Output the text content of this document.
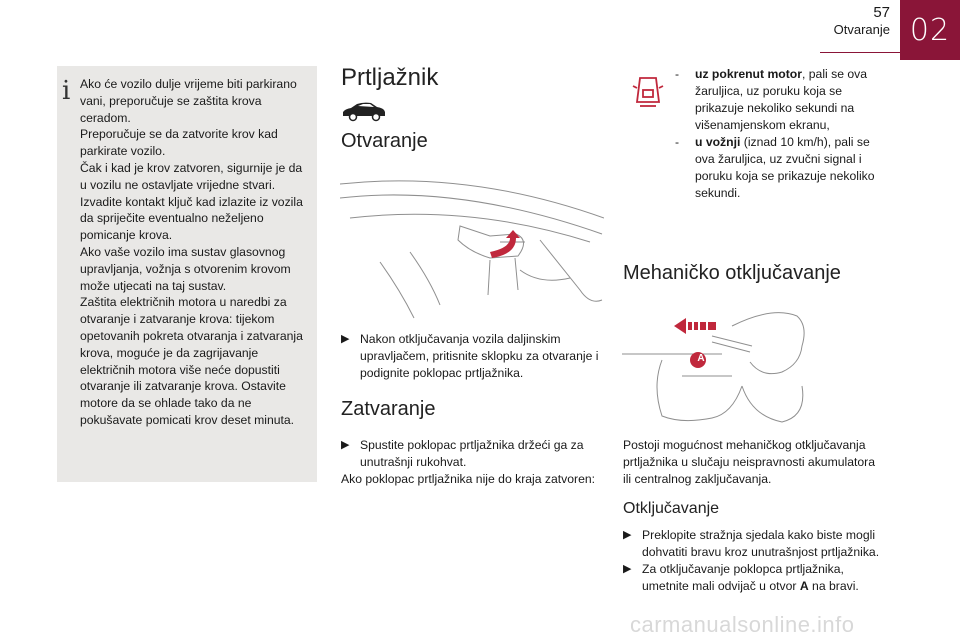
57
Otvaranje 02
i Ako će vozilo dulje vrijeme biti parkirano vani, preporučuje se zaštita krova ceradom.
Preporučuje se da zatvorite krov kad parkirate vozilo.
Čak i kad je krov zatvoren, sigurnije je da u vozilu ne ostavljate vrijedne stvari.
Izvadite kontakt ključ kad izlazite iz vozila da spriječite eventualno neželjeno pomicanje krova.
Ako vaše vozilo ima sustav glasovnog upravljanja, vožnja s otvorenim krovom može utjecati na taj sustav.
Zaštita električnih motora u naredbi za otvaranje i zatvaranje krova: tijekom opetovanih pokreta otvaranja i zatvaranja krova, moguće je da zagrijavanje električnih motora više neće dopustiti otvaranje ili zatvaranje krova. Ostavite motore da se ohlade tako da ne pokušavate pomicati krov deset minuta.
Prtljažnik
Otvaranje
▶ Nakon otključavanja vozila daljinskim upravljačem, pritisnite sklopku za otvaranje i podignite poklopac prtljažnika.
Zatvaranje
▶ Spustite poklopac prtljažnika držeći ga za unutrašnji rukohvat.
Ako poklopac prtljažnika nije do kraja zatvoren:
-	uz pokrenut motor, pali se ova žaruljica, uz poruku koja se prikazuje nekoliko sekundi na višenamjenskom ekranu,
-	u vožnji (iznad 10 km/h), pali se ova žaruljica, uz zvučni signal i poruku koja se prikazuje nekoliko sekundi.
Mehaničko otključavanje
A
Postoji mogućnost mehaničkog otključavanja prtljažnika u slučaju neispravnosti akumulatora ili centralnog zaključavanja.
Otključavanje
▶ Preklopite stražnja sjedala kako biste mogli dohvatiti bravu kroz unutrašnjost prtljažnika.
▶ Za otključavanje poklopca prtljažnika, umetnite mali odvijač u otvor A na bravi.
carmanualsonline.info
